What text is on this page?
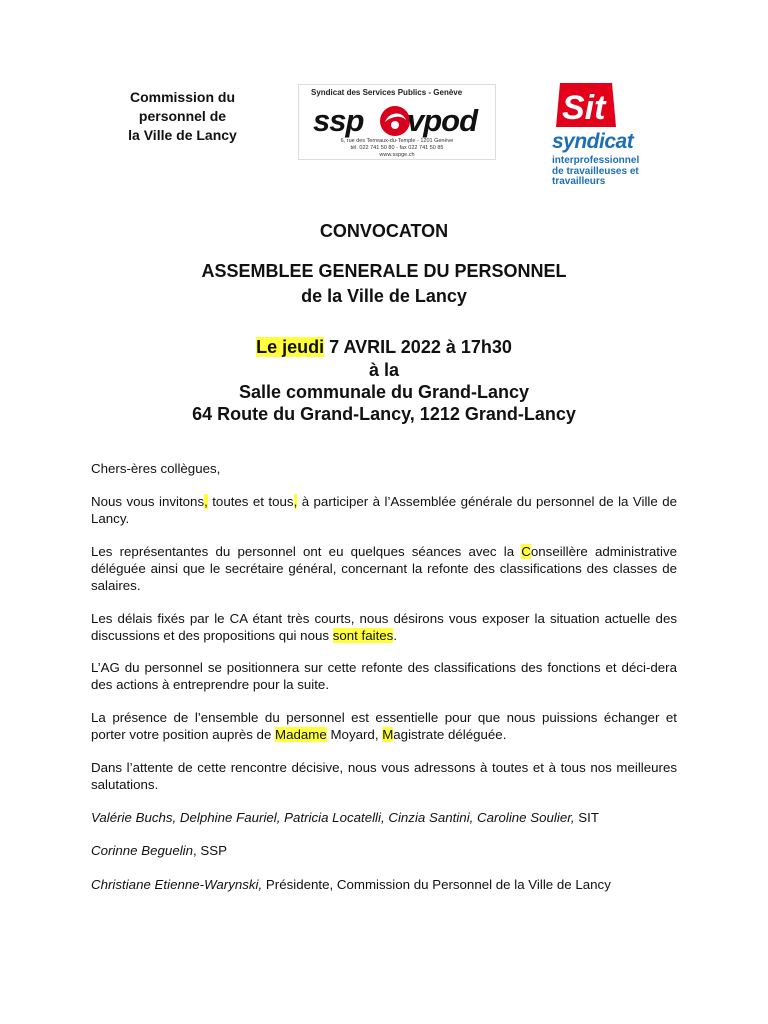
Commission du
personnel de
la Ville de Lancy
Syndicat des Services Publics - Genève
ssp vpod
6, rue des Terreaux-du-Temple - 1201 Genève
tél. 022 741 50 80 - fax 022 741 50 85
www.sspge.ch
Sit
syndicat
interprofessionnel
de travailleuses et
travailleurs
CONVOCATON
ASSEMBLEE GENERALE DU PERSONNEL
de la Ville de Lancy
Le jeudi 7 AVRIL 2022 à 17h30
à la
Salle communale du Grand-Lancy
64 Route du Grand-Lancy, 1212 Grand-Lancy
Chers-ères collègues,
Nous vous invitons, toutes et tous, à participer à l’Assemblée générale du personnel de la Ville de Lancy.
Les représentantes du personnel ont eu quelques séances avec la Conseillère administrative déléguée ainsi que le secrétaire général, concernant la refonte des classifications des classes de salaires.
Les délais fixés par le CA étant très courts, nous désirons vous exposer la situation actuelle des discussions et des propositions qui nous sont faites.
L’AG du personnel se positionnera sur cette refonte des classifications des fonctions et déci-dera des actions à entreprendre pour la suite.
La présence de l’ensemble du personnel est essentielle pour que nous puissions échanger et porter votre position auprès de Madame Moyard, Magistrate déléguée.
Dans l’attente de cette rencontre décisive, nous vous adressons à toutes et à tous nos meilleures salutations.
Valérie Buchs, Delphine Fauriel, Patricia Locatelli, Cinzia Santini, Caroline Soulier, SIT
Corinne Beguelin, SSP
Christiane Etienne-Warynski, Présidente, Commission du Personnel de la Ville de Lancy
